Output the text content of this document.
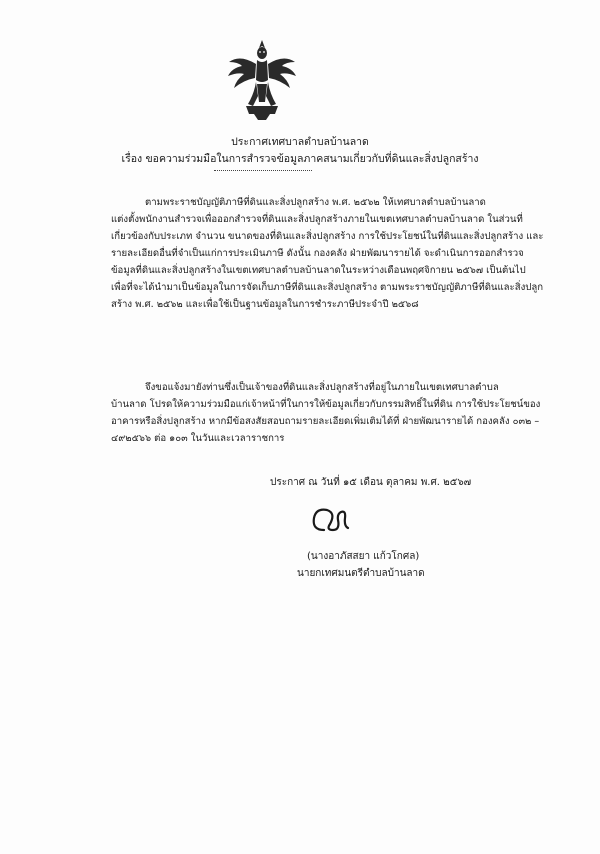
ประกาศเทศบาลตำบลบ้านลาด
เรื่อง ขอความร่วมมือในการสำรวจข้อมูลภาคสนามเกี่ยวกับที่ดินและสิ่งปลูกสร้าง
ตามพระราชบัญญัติภาษีที่ดินและสิ่งปลูกสร้าง พ.ศ. ๒๕๖๒ ให้เทศบาลตำบลบ้านลาด
แต่งตั้งพนักงานสำรวจเพื่อออกสำรวจที่ดินและสิ่งปลูกสร้างภายในเขตเทศบาลตำบลบ้านลาด ในส่วนที่
เกี่ยวข้องกับประเภท จำนวน ขนาดของที่ดินและสิ่งปลูกสร้าง การใช้ประโยชน์ในที่ดินและสิ่งปลูกสร้าง และ
รายละเอียดอื่นที่จำเป็นแก่การประเมินภาษี ดังนั้น กองคลัง ฝ่ายพัฒนารายได้ จะดำเนินการออกสำรวจ
ข้อมูลที่ดินและสิ่งปลูกสร้างในเขตเทศบาลตำบลบ้านลาดในระหว่างเดือนพฤศจิกายน ๒๕๖๗ เป็นต้นไป
เพื่อที่จะได้นำมาเป็นข้อมูลในการจัดเก็บภาษีที่ดินและสิ่งปลูกสร้าง ตามพระราชบัญญัติภาษีที่ดินและสิ่งปลูก
สร้าง พ.ศ. ๒๕๖๒ และเพื่อใช้เป็นฐานข้อมูลในการชำระภาษีประจำปี ๒๕๖๘
จึงขอแจ้งมายังท่านซึ่งเป็นเจ้าของที่ดินและสิ่งปลูกสร้างที่อยู่ในภายในเขตเทศบาลตำบล
บ้านลาด โปรดให้ความร่วมมือแก่เจ้าหน้าที่ในการให้ข้อมูลเกี่ยวกับกรรมสิทธิ์ในที่ดิน การใช้ประโยชน์ของ
อาคารหรือสิ่งปลูกสร้าง หากมีข้อสงสัยสอบถามรายละเอียดเพิ่มเติมได้ที่ ฝ่ายพัฒนารายได้ กองคลัง ๐๓๒ –
๔๙๒๕๖๖ ต่อ ๑๐๓ ในวันและเวลาราชการ
ประกาศ ณ วันที่ ๑๕ เดือน ตุลาคม พ.ศ. ๒๕๖๗
(นางอาภัสสยา แก้วโกศล)
นายกเทศมนตรีตำบลบ้านลาด
